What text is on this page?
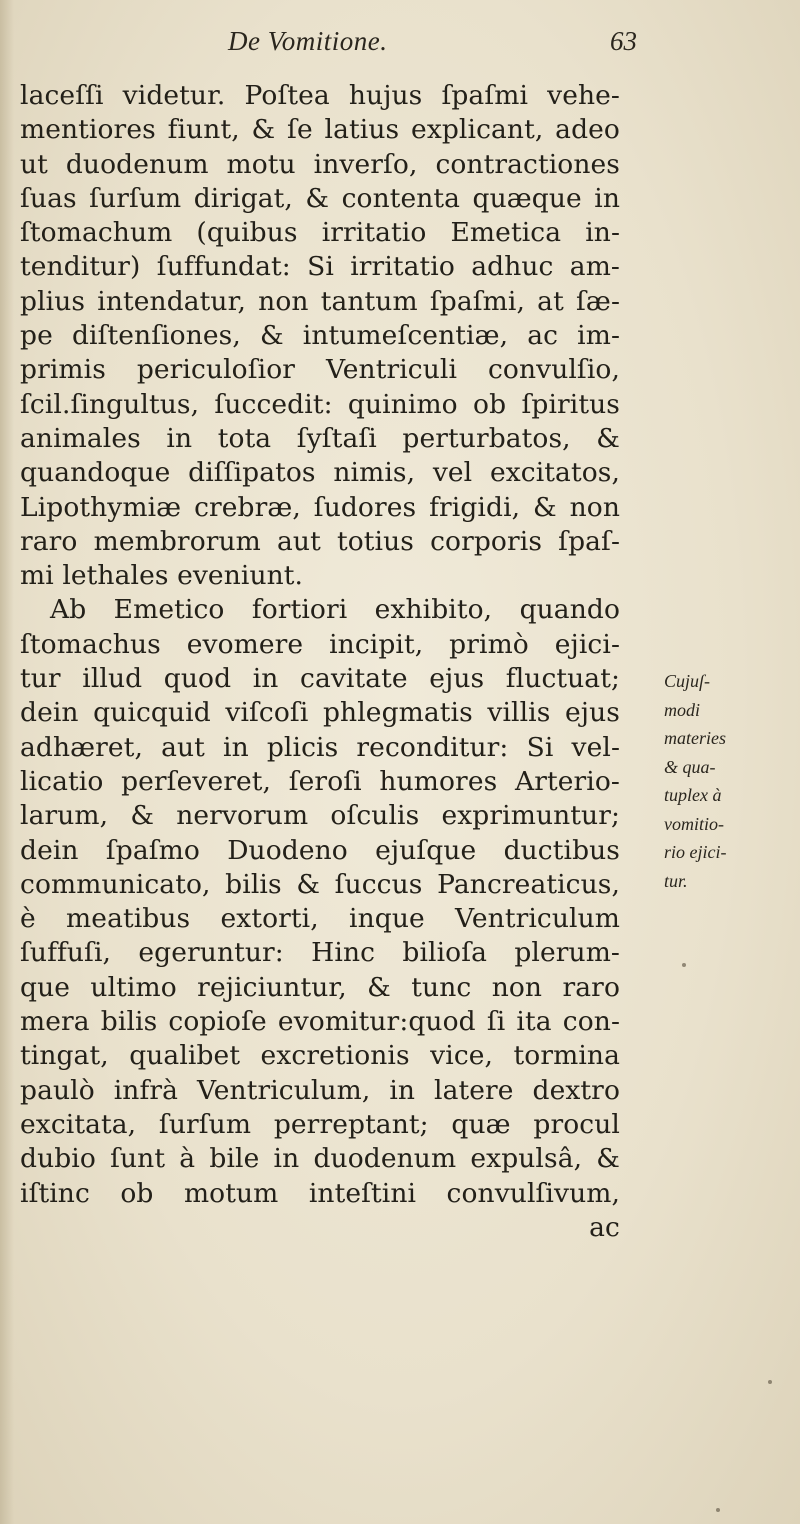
De Vomitione.	63
laceſſi videtur. Poſtea hujus ſpaſmi vehe-
mentiores fiunt, & ſe latius explicant, adeo
ut duodenum motu inverſo, contractiones
ſuas ſurſum dirigat, & contenta quæque in
ſtomachum (quibus irritatio Emetica in-
tenditur) ſuffundat: Si irritatio adhuc am-
plius intendatur, non tantum ſpaſmi, at ſæ-
pe diſtenſiones, & intumeſcentiæ, ac im-
primis periculoſior Ventriculi convulſio,
ſcil.ſingultus, ſuccedit: quinimo ob ſpiritus
animales in tota ſyſtaſi perturbatos, &
quandoque diſſipatos nimis, vel excitatos,
Lipothymiæ crebræ, ſudores frigidi, & non
raro membrorum aut totius corporis ſpaſ-
mi lethales eveniunt.
Ab Emetico fortiori exhibito, quando
ſtomachus evomere incipit, primò ejici-
tur illud quod in cavitate ejus fluctuat;
dein quicquid viſcoſi phlegmatis villis ejus
adhæret, aut in plicis reconditur: Si vel-
licatio perſeveret, ſeroſi humores Arterio-
larum, & nervorum oſculis exprimuntur;
dein ſpaſmo Duodeno ejuſque ductibus
communicato, bilis & ſuccus Pancreaticus,
è meatibus extorti, inque Ventriculum
ſuffuſi, egeruntur: Hinc bilioſa plerum-
que ultimo rejiciuntur, & tunc non raro
mera bilis copioſe evomitur:quod ſi ita con-
tingat, qualibet excretionis vice, tormina
paulò infrà Ventriculum, in latere dextro
excitata, ſurſum perreptant; quæ procul
dubio ſunt à bile in duodenum expulsâ, &
iſtinc ob motum inteſtini convulſivum,
ac
Cujuſ-
modi
materies
& qua-
tuplex à
vomitio-
rio ejici-
tur.
